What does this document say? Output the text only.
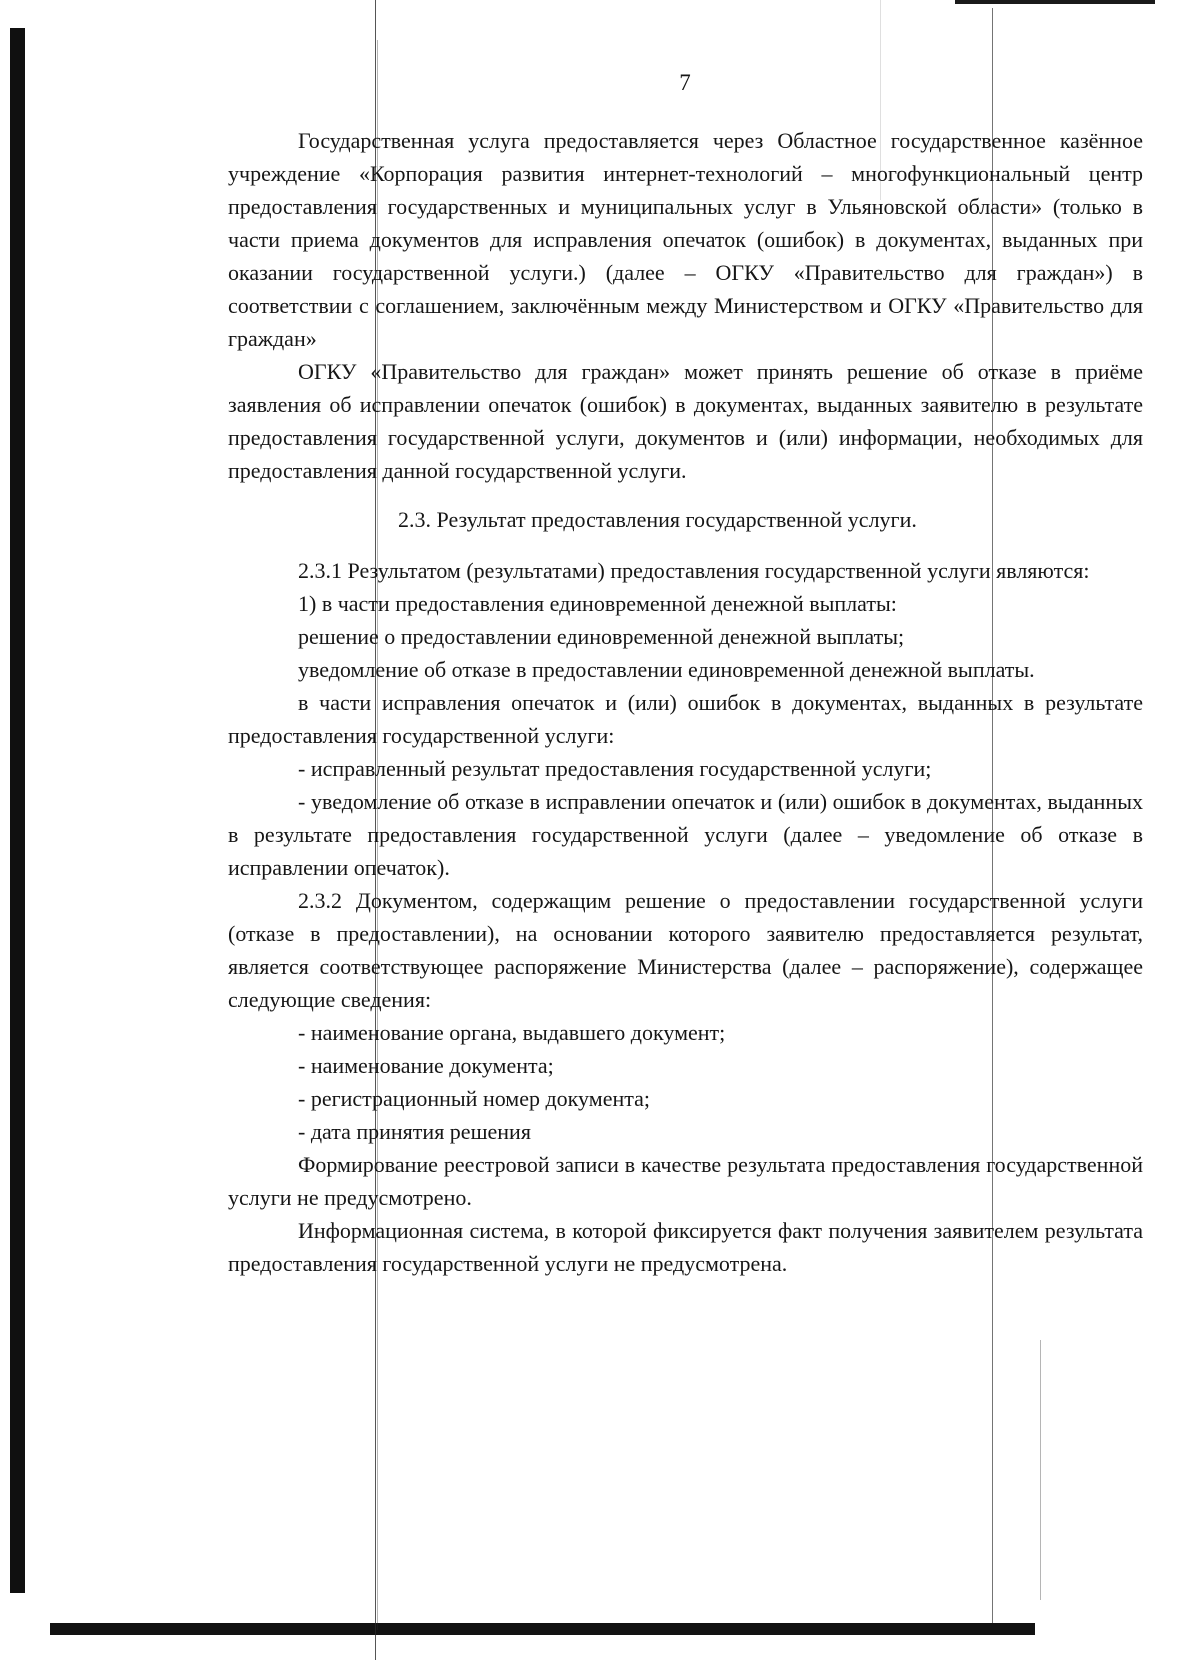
7

Государственная услуга предоставляется через Областное государственное казённое учреждение «Корпорация развития интернет-технологий – многофункциональный центр предоставления государственных и муниципальных услуг в Ульяновской области» (только в части приема документов для исправления опечаток (ошибок) в документах, выданных при оказании государственной услуги.) (далее – ОГКУ «Правительство для граждан») в соответствии с соглашением, заключённым между Министерством и ОГКУ «Правительство для граждан»

ОГКУ «Правительство для граждан» может принять решение об отказе в приёме заявления об исправлении опечаток (ошибок) в документах, выданных заявителю в результате предоставления государственной услуги, документов и (или) информации, необходимых для предоставления данной государственной услуги.

2.3. Результат предоставления государственной услуги.

2.3.1 Результатом (результатами) предоставления государственной услуги являются:

1) в части предоставления единовременной денежной выплаты:

решение о предоставлении единовременной денежной выплаты;

уведомление об отказе в предоставлении единовременной денежной выплаты.

в части исправления опечаток и (или) ошибок в документах, выданных в результате предоставления государственной услуги:

- исправленный результат предоставления государственной услуги;

- уведомление об отказе в исправлении опечаток и (или) ошибок в документах, выданных в результате предоставления государственной услуги (далее – уведомление об отказе в исправлении опечаток).

2.3.2 Документом, содержащим решение о предоставлении государственной услуги (отказе в предоставлении), на основании которого заявителю предоставляется результат, является соответствующее распоряжение Министерства (далее – распоряжение), содержащее следующие сведения:

- наименование органа, выдавшего документ;

- наименование документа;

- регистрационный номер документа;

- дата принятия решения

Формирование реестровой записи в качестве результата предоставления государственной услуги не предусмотрено.

Информационная система, в которой фиксируется факт получения заявителем результата предоставления государственной услуги не предусмотрена.
